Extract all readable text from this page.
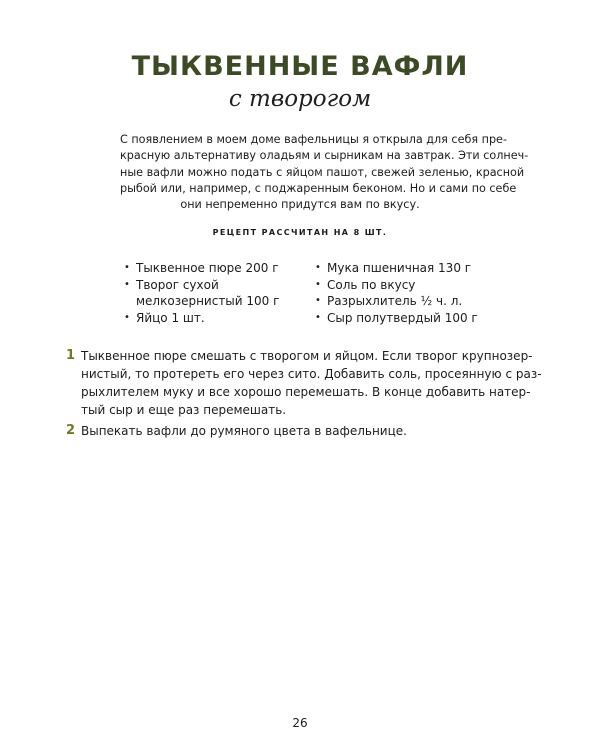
ТЫКВЕННЫЕ ВАФЛИ
с творогом
С появлением в моем доме вафельницы я открыла для себя пре-
красную альтернативу оладьям и сырникам на завтрак. Эти солнеч-
ные вафли можно подать с яйцом пашот, свежей зеленью, красной
рыбой или, например, с поджаренным беконом. Но и сами по себе
они непременно придутся вам по вкусу.
РЕЦЕПТ РАССЧИТАН НА 8 ШТ.
• Тыквенное пюре 200 г
• Творог сухой
мелкозернистый 100 г
• Яйцо 1 шт.
• Мука пшеничная 130 г
• Соль по вкусу
• Разрыхлитель ½ ч. л.
• Сыр полутвердый 100 г
1 Тыквенное пюре смешать с творогом и яйцом. Если творог крупнозер-
нистый, то протереть его через сито. Добавить соль, просеянную с раз-
рыхлителем муку и все хорошо перемешать. В конце добавить натер-
тый сыр и еще раз перемешать.
2 Выпекать вафли до румяного цвета в вафельнице.
26
